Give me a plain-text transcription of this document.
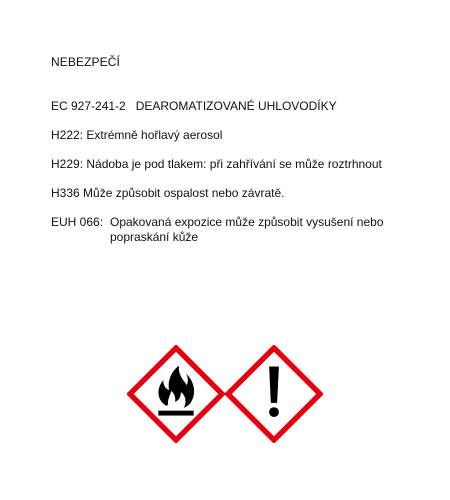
NEBEZPEČÍ
EC 927-241-2 DEAROMATIZOVANÉ UHLOVODÍKY
H222: Extrémně hořlavý aerosol
H229: Nádoba je pod tlakem: při zahřívání se může roztrhnout
H336 Může způsobit ospalost nebo závratě.
EUH 066: Opakovaná expozice může způsobit vysušení nebo popraskání kůže
